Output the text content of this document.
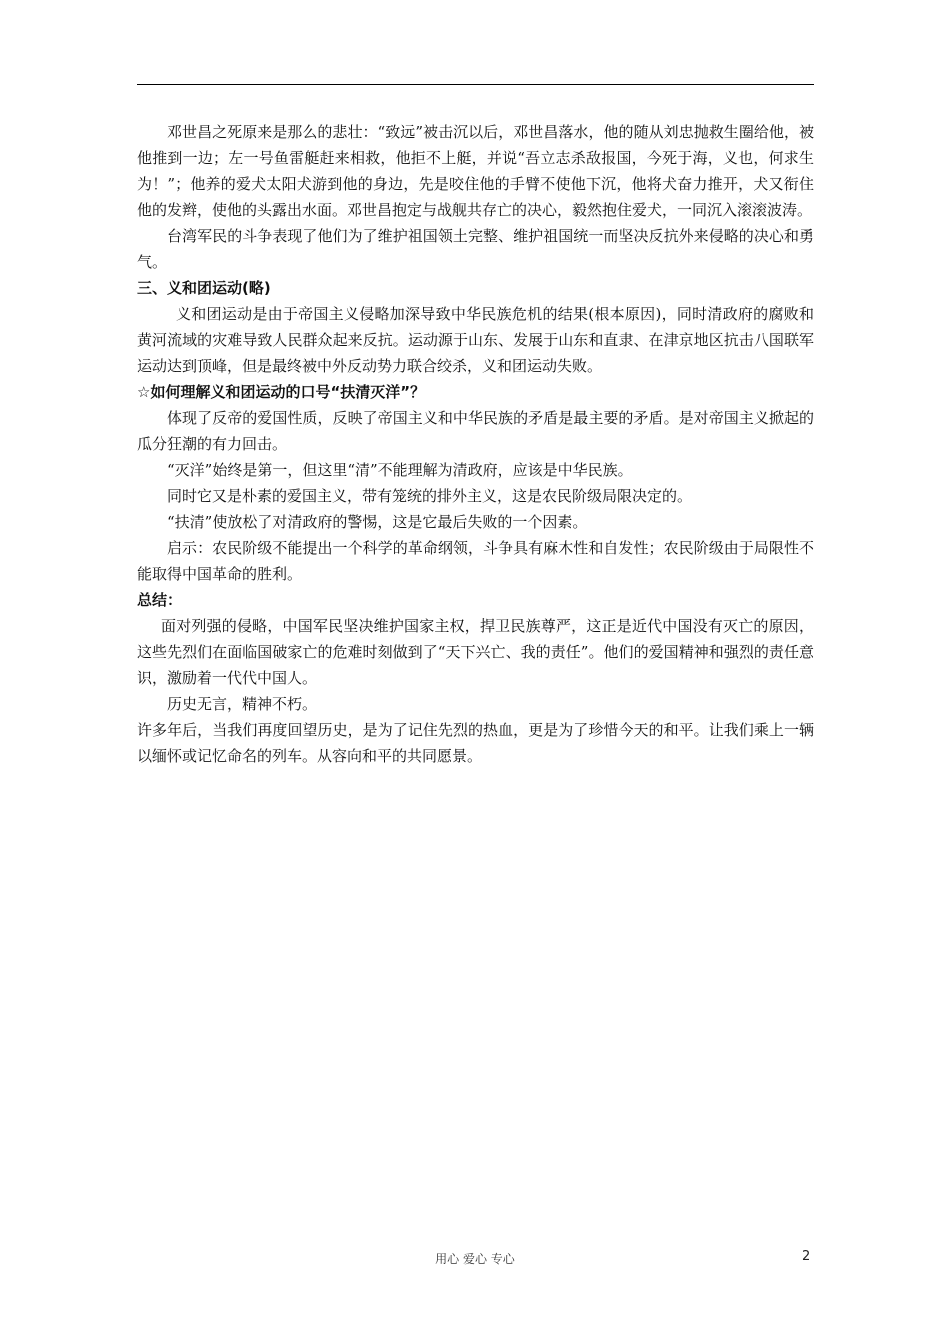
邓世昌之死原来是那么的悲壮：“致远”被击沉以后，邓世昌落水，他的随从刘忠抛救生圈给他，被他推到一边；左一号鱼雷艇赶来相救，他拒不上艇，并说“吾立志杀敌报国，今死于海，义也，何求生为！”；他养的爱犬太阳犬游到他的身边，先是咬住他的手臂不使他下沉，他将犬奋力推开，犬又衔住他的发辫，使他的头露出水面。邓世昌抱定与战舰共存亡的决心，毅然抱住爱犬，一同沉入滚滚波涛。

台湾军民的斗争表现了他们为了维护祖国领土完整、维护祖国统一而坚决反抗外来侵略的决心和勇气。

三、义和团运动(略)

义和团运动是由于帝国主义侵略加深导致中华民族危机的结果(根本原因)，同时清政府的腐败和黄河流域的灾难导致人民群众起来反抗。运动源于山东、发展于山东和直隶、在津京地区抗击八国联军运动达到顶峰，但是最终被中外反动势力联合绞杀，义和团运动失败。

☆如何理解义和团运动的口号“扶清灭洋”？

体现了反帝的爱国性质，反映了帝国主义和中华民族的矛盾是最主要的矛盾。是对帝国主义掀起的瓜分狂潮的有力回击。

“灭洋”始终是第一，但这里“清”不能理解为清政府，应该是中华民族。

同时它又是朴素的爱国主义，带有笼统的排外主义，这是农民阶级局限决定的。

“扶清”使放松了对清政府的警惕，这是它最后失败的一个因素。

启示：农民阶级不能提出一个科学的革命纲领，斗争具有麻木性和自发性；农民阶级由于局限性不能取得中国革命的胜利。

总结：

面对列强的侵略，中国军民坚决维护国家主权，捍卫民族尊严，这正是近代中国没有灭亡的原因，这些先烈们在面临国破家亡的危难时刻做到了“天下兴亡、我的责任”。他们的爱国精神和强烈的责任意识，激励着一代代中国人。

历史无言，精神不朽。

许多年后，当我们再度回望历史，是为了记住先烈的热血，更是为了珍惜今天的和平。让我们乘上一辆以缅怀或记忆命名的列车。从容向和平的共同愿景。

用心 爱心 专心	2
